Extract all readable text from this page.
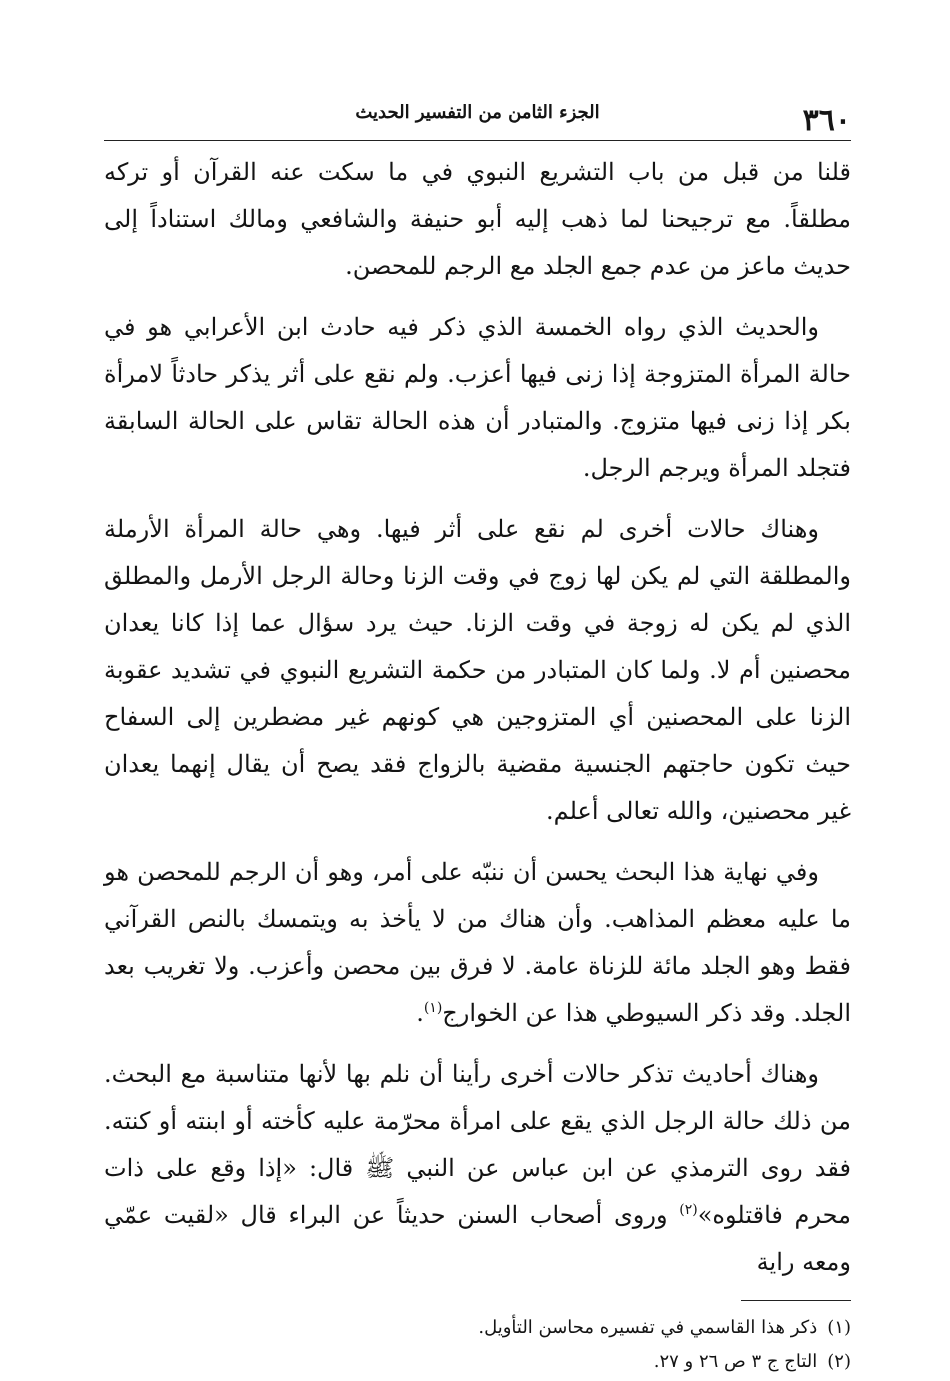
٣٦٠
الجزء الثامن من التفسير الحديث

قلنا من قبل من باب التشريع النبوي في ما سكت عنه القرآن أو تركه مطلقاً. مع ترجيحنا لما ذهب إليه أبو حنيفة والشافعي ومالك استناداً إلى حديث ماعز من عدم جمع الجلد مع الرجم للمحصن.

والحديث الذي رواه الخمسة الذي ذكر فيه حادث ابن الأعرابي هو في حالة المرأة المتزوجة إذا زنى فيها أعزب. ولم نقع على أثر يذكر حادثاً لامرأة بكر إذا زنى فيها متزوج. والمتبادر أن هذه الحالة تقاس على الحالة السابقة فتجلد المرأة ويرجم الرجل.

وهناك حالات أخرى لم نقع على أثر فيها. وهي حالة المرأة الأرملة والمطلقة التي لم يكن لها زوج في وقت الزنا وحالة الرجل الأرمل والمطلق الذي لم يكن له زوجة في وقت الزنا. حيث يرد سؤال عما إذا كانا يعدان محصنين أم لا. ولما كان المتبادر من حكمة التشريع النبوي في تشديد عقوبة الزنا على المحصنين أي المتزوجين هي كونهم غير مضطرين إلى السفاح حيث تكون حاجتهم الجنسية مقضية بالزواج فقد يصح أن يقال إنهما يعدان غير محصنين، والله تعالى أعلم.

وفي نهاية هذا البحث يحسن أن ننبّه على أمر، وهو أن الرجم للمحصن هو ما عليه معظم المذاهب. وأن هناك من لا يأخذ به ويتمسك بالنص القرآني فقط وهو الجلد مائة للزناة عامة. لا فرق بين محصن وأعزب. ولا تغريب بعد الجلد. وقد ذكر السيوطي هذا عن الخوارج$^{(١)}$.

وهناك أحاديث تذكر حالات أخرى رأينا أن نلم بها لأنها متناسبة مع البحث. من ذلك حالة الرجل الذي يقع على امرأة محرّمة عليه كأخته أو ابنته أو كنته. فقد روى الترمذي عن ابن عباس عن النبي ﷺ قال: «إذا وقع على ذات محرم فاقتلوه»$^{(٢)}$ وروى أصحاب السنن حديثاً عن البراء قال «لقيت عمّي ومعه راية

(١)
ذكر هذا القاسمي في تفسيره محاسن التأويل.
(٢)
التاج ج ٣ ص ٢٦ و ٢٧.
